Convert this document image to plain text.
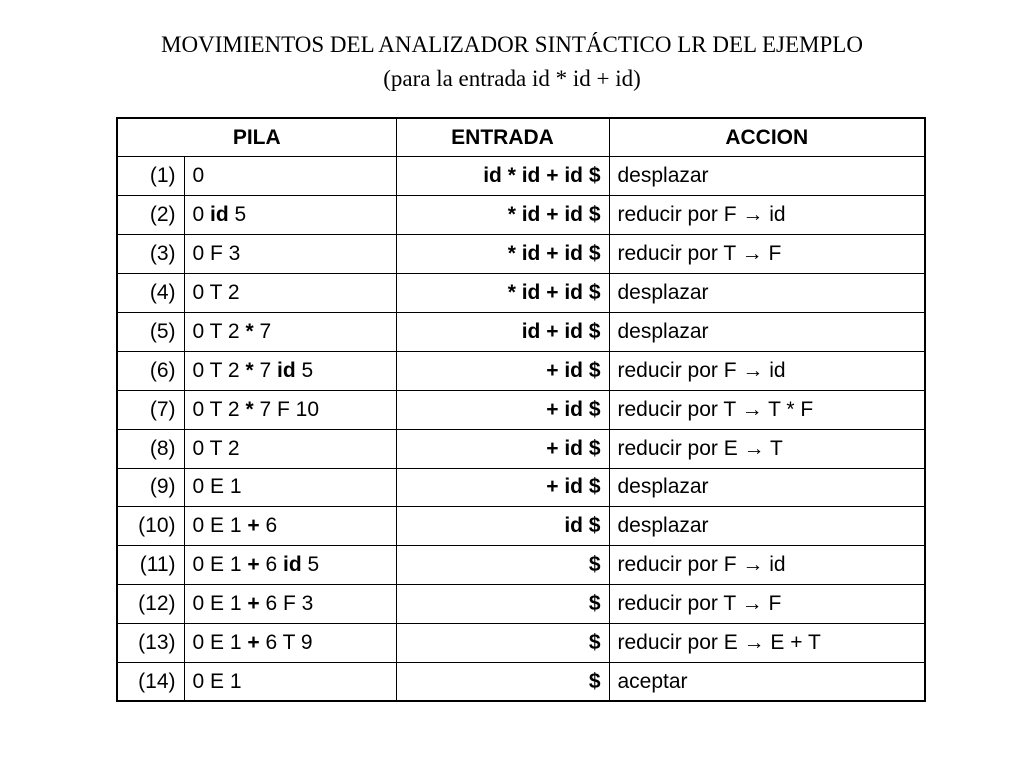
MOVIMIENTOS DEL ANALIZADOR SINTÁCTICO LR DEL EJEMPLO
(para la entrada id * id + id)
PILA		ENTRADA	ACCION
(1)	0	id * id + id $	desplazar
(2)	0 id 5	* id + id $	reducir por F → id
(3)	0 F 3	* id + id $	reducir por T → F
(4)	0 T 2	* id + id $	desplazar
(5)	0 T 2 * 7	id + id $	desplazar
(6)	0 T 2 * 7 id 5	+ id $	reducir por F → id
(7)	0 T 2 * 7 F 10	+ id $	reducir por T → T * F
(8)	0 T 2	+ id $	reducir por E → T
(9)	0 E 1	+ id $	desplazar
(10)	0 E 1 + 6	id $	desplazar
(11)	0 E 1 + 6 id 5	$	reducir por F → id
(12)	0 E 1 + 6 F 3	$	reducir por T → F
(13)	0 E 1 + 6 T 9	$	reducir por E → E + T
(14)	0 E 1	$	aceptar
